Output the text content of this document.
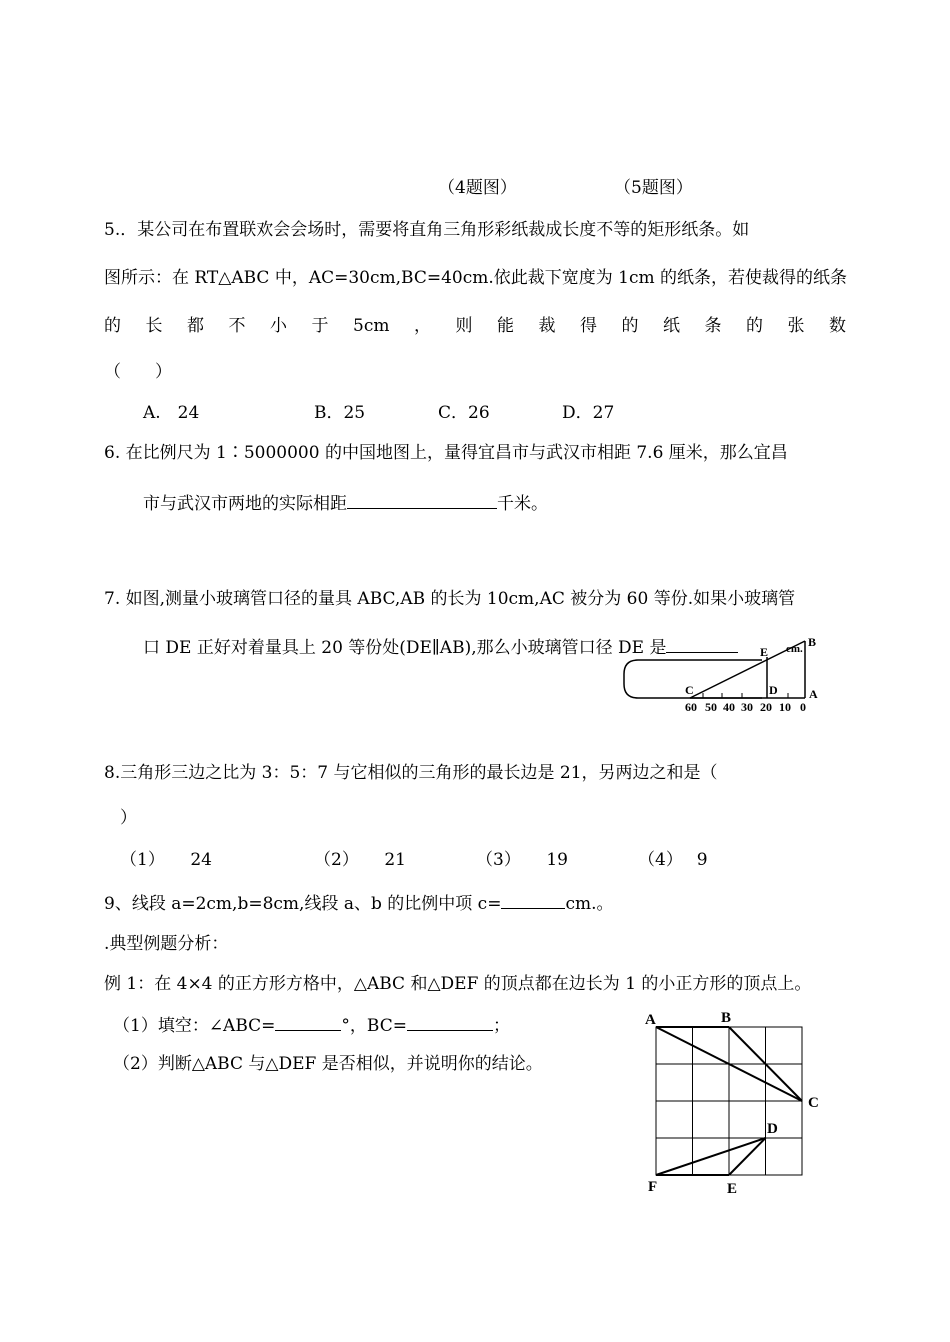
（4题图）	（5题图）
5.．某公司在布置联欢会会场时，需要将直角三角形彩纸裁成长度不等的矩形纸条。如
图所示：在 RT△ABC 中，AC=30cm,BC=40cm.依此裁下宽度为 1cm 的纸条，若使裁得的纸条
的 长 都 不 小 于 5cm ， 则 能 裁 得 的 纸 条 的 张 数
（　　）
A.　24	B．25	C．26	D．27
6. 在比例尺为 1∶5000000 的中国地图上，量得宜昌市与武汉市相距 7.6 厘米，那么宜昌
市与武汉市两地的实际相距	千米。
7. 如图,测量小玻璃管口径的量具 ABC,AB 的长为 10cm,AC 被分为 60 等份.如果小玻璃管
口 DE 正好对着量具上 20 等份处(DE∥AB),那么小玻璃管口径 DE 是	B
E cm.
C	D	A
60 50 40 30 20 10 0
8.三角形三边之比为 3：5：7 与它相似的三角形的最长边是 21，另两边之和是（
）
（1）　　24	（2）　　21	（3）　　19	（4）　 9
9、线段 a=2cm,b=8cm,线段 a、b 的比例中项 c=	cm.。
.典型例题分析：
例 1：在 4×4 的正方形方格中，△ABC 和△DEF 的顶点都在边长为 1 的小正方形的顶点上。
（1）填空：∠ABC=	°，BC=	；
（2）判断△ABC 与△DEF 是否相似，并说明你的结论。
A	B
C
D
E
F
